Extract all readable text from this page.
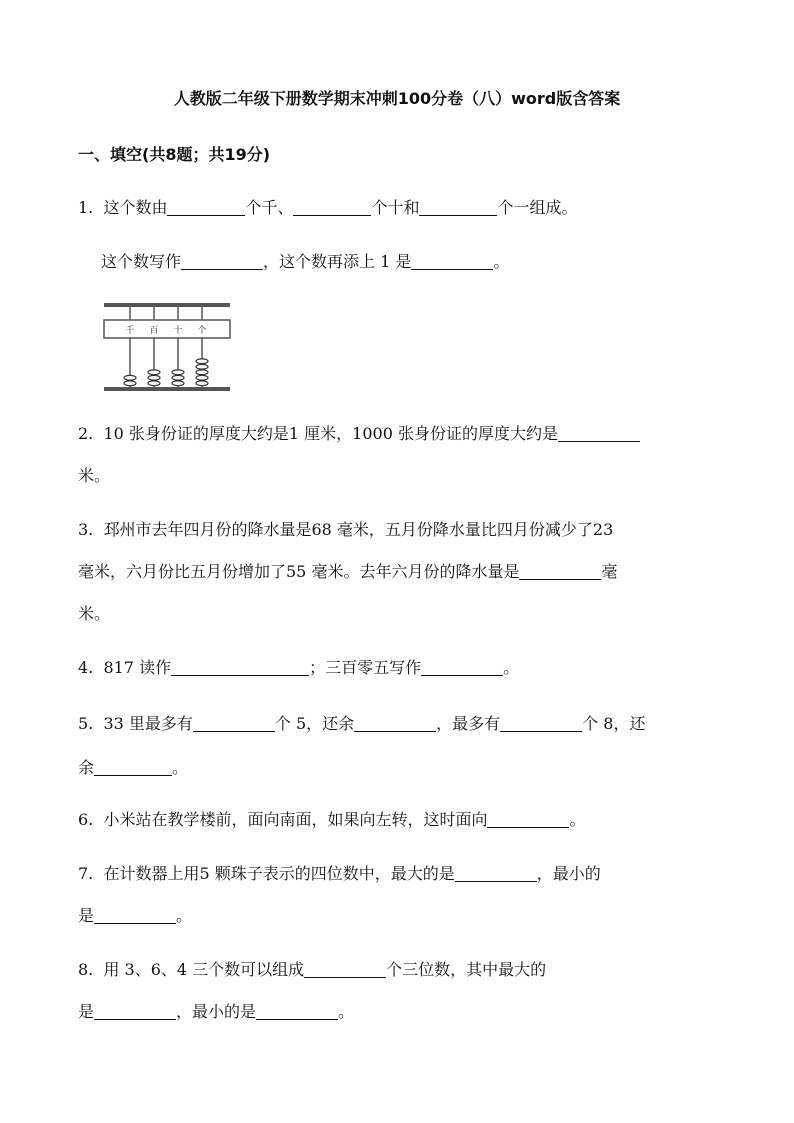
人教版二年级下册数学期末冲刺100分卷（八）word版含答案
一、填空(共8题；共19分)
1. 这个数由	个千、	个十和	个一组成。
这个数写作	，这个数再添上 1 是	。
千 百 十 个
2. 10 张身份证的厚度大约是1 厘米，1000 张身份证的厚度大约是
米。
3. 邳州市去年四月份的降水量是68 毫米，五月份降水量比四月份减少了23
毫米，六月份比五月份增加了55 毫米。去年六月份的降水量是	毫
米。
4. 817 读作	；三百零五写作	。
5. 33 里最多有	个 5，还余	，最多有	个 8，还
余	。
6. 小米站在教学楼前，面向南面，如果向左转，这时面向	。
7. 在计数器上用5 颗珠子表示的四位数中，最大的是	，最小的
是	。
8. 用 3、6、4 三个数可以组成	个三位数，其中最大的
是	，最小的是	。
